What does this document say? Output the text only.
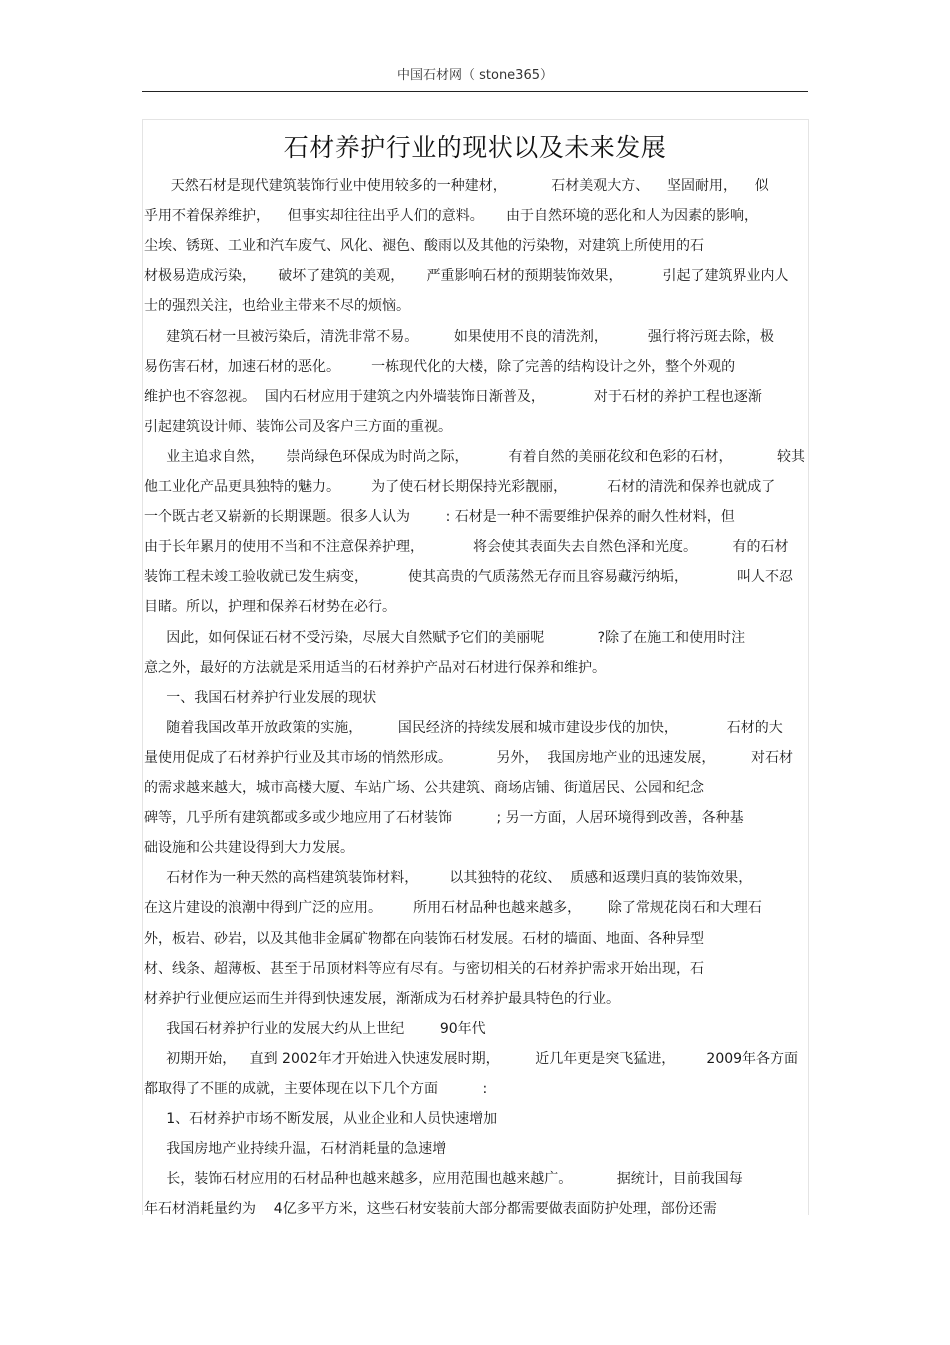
中国石材网（ stone365）
石材养护行业的现状以及未来发展
天然石材是现代建筑装饰行业中使用较多的一种建材，          石材美观大方、    坚固耐用，    似
乎用不着保养维护，    但事实却往往出乎人们的意料。     由于自然环境的恶化和人为因素的影响，
尘埃、锈斑、工业和汽车废气、风化、褪色、酸雨以及其他的污染物，对建筑上所使用的石
材极易造成污染，     破坏了建筑的美观，     严重影响石材的预期装饰效果，         引起了建筑界业内人
士的强烈关注，也给业主带来不尽的烦恼。
建筑石材一旦被污染后，清洗非常不易。        如果使用不良的清洗剂，         强行将污斑去除，极
易伤害石材，加速石材的恶化。       一栋现代化的大楼，除了完善的结构设计之外，整个外观的
维护也不容忽视。  国内石材应用于建筑之内外墙装饰日渐普及，           对于石材的养护工程也逐渐
引起建筑设计师、装饰公司及客户三方面的重视。
业主追求自然，     崇尚绿色环保成为时尚之际，         有着自然的美丽花纹和色彩的石材，          较其
他工业化产品更具独特的魅力。       为了使石材长期保持光彩靓丽，         石材的清洗和保养也就成了
一个既古老又崭新的长期课题。很多人认为        : 石材是一种不需要维护保养的耐久性材料，但
由于长年累月的使用不当和不注意保养护理，           将会使其表面失去自然色泽和光度。        有的石材
装饰工程未竣工验收就已发生病变，         使其高贵的气质荡然无存而且容易藏污纳垢，           叫人不忍
目睹。所以，护理和保养石材势在必行。
因此，如何保证石材不受污染，尽展大自然赋予它们的美丽呢            ?除了在施工和使用时注
意之外，最好的方法就是采用适当的石材养护产品对石材进行保养和维护。
一、我国石材养护行业发展的现状
随着我国改革开放政策的实施，        国民经济的持续发展和城市建设步伐的加快，           石材的大
量使用促成了石材养护行业及其市场的悄然形成。          另外，  我国房地产业的迅速发展，        对石材
的需求越来越大，城市高楼大厦、车站广场、公共建筑、商场店铺、街道居民、公园和纪念
碑等，几乎所有建筑都或多或少地应用了石材装饰          ; 另一方面，人居环境得到改善，各种基
础设施和公共建设得到大力发展。
石材作为一种天然的高档建筑装饰材料，       以其独特的花纹、  质感和返璞归真的装饰效果，
在这片建设的浪潮中得到广泛的应用。       所用石材品种也越来越多，      除了常规花岗石和大理石
外，板岩、砂岩，以及其他非金属矿物都在向装饰石材发展。石材的墙面、地面、各种异型
材、线条、超薄板、甚至于吊顶材料等应有尽有。与密切相关的石材养护需求开始出现，石
材养护行业便应运而生并得到快速发展，渐渐成为石材养护最具特色的行业。
我国石材养护行业的发展大约从上世纪        90年代
初期开始，   直到 2002年才开始进入快速发展时期，        近几年更是突飞猛进，       2009年各方面
都取得了不匪的成就，主要体现在以下几个方面          :
1、石材养护市场不断发展，从业企业和人员快速增加
我国房地产业持续升温，石材消耗量的急速增
长，装饰石材应用的石材品种也越来越多，应用范围也越来越广。          据统计，目前我国每
年石材消耗量约为    4亿多平方米，这些石材安装前大部分都需要做表面防护处理，部份还需
